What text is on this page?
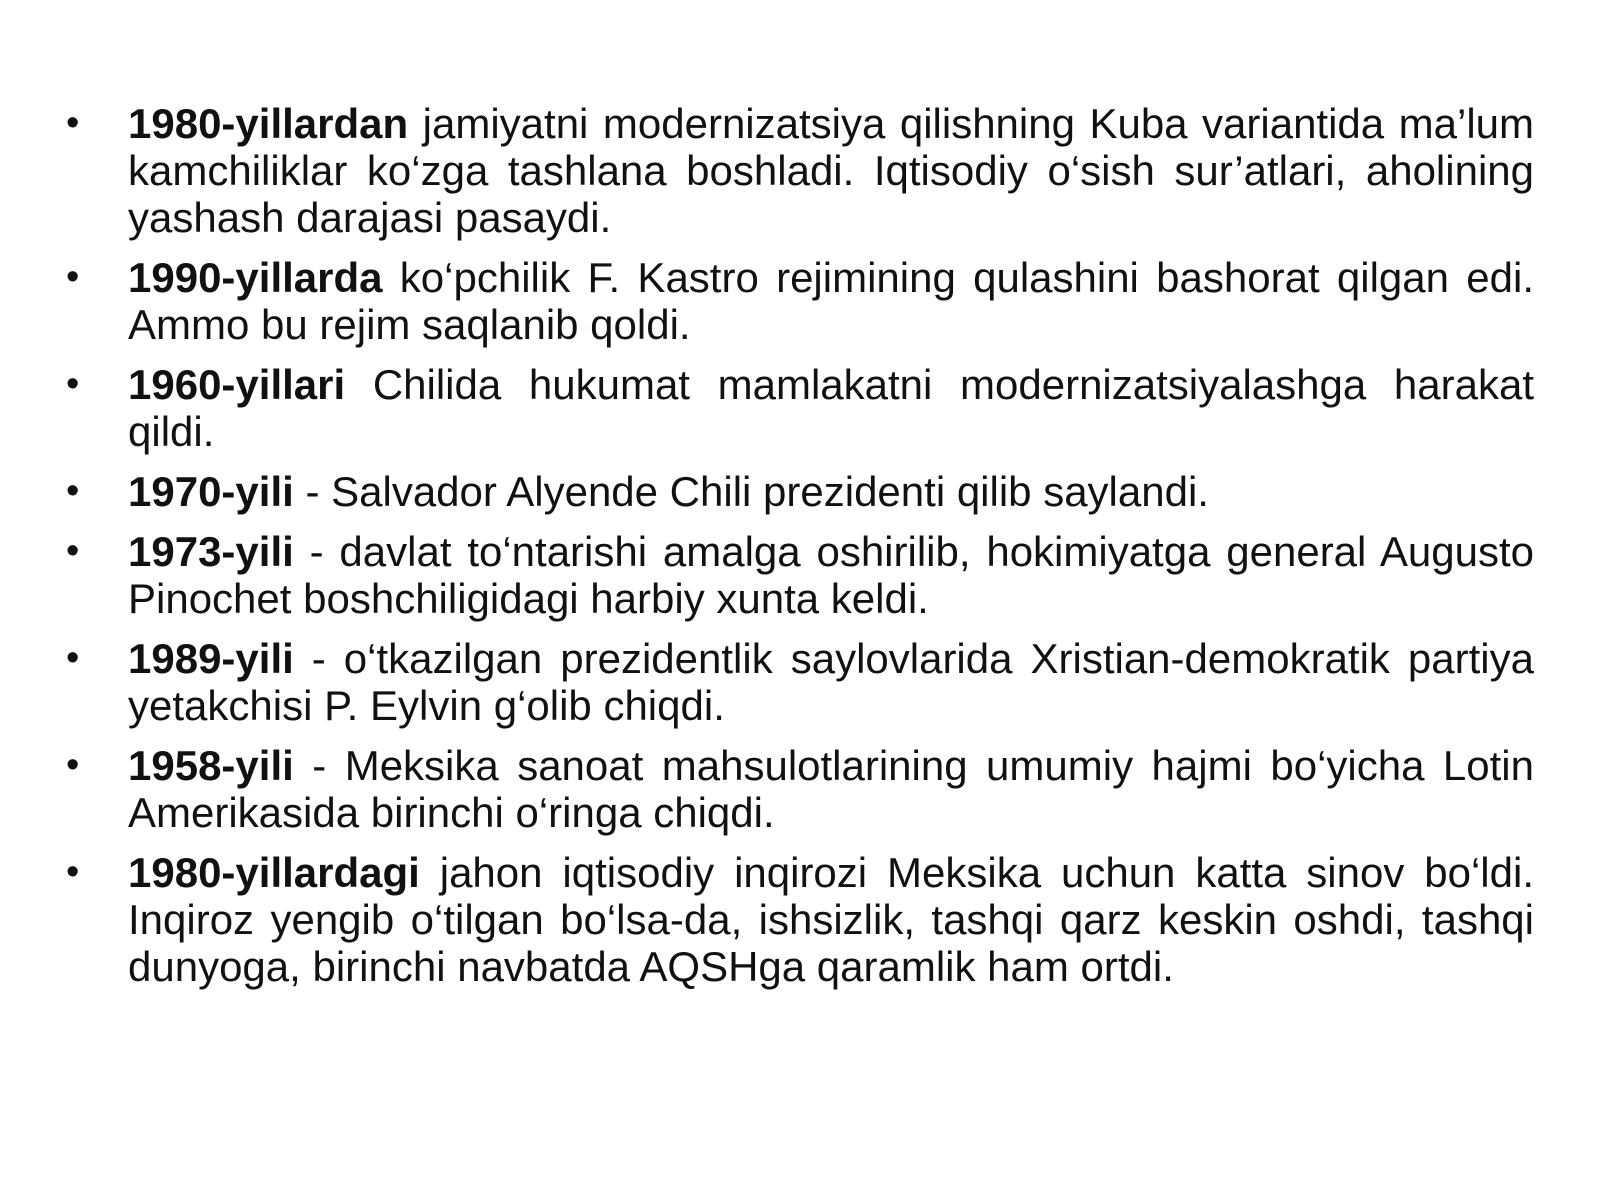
•	1980-yillardan jamiyatni modernizatsiya qilishning Kuba variantida ma’lum kamchiliklar ko‘zga tashlana boshladi. Iqtisodiy o‘sish sur’atlari, aholining yashash darajasi pasaydi.
•	1990-yillarda ko‘pchilik F. Kastro rejimining qulashini bashorat qilgan edi. Ammo bu rejim saqlanib qoldi.
•	1960-yillari Chilida hukumat mamlakatni modernizatsiyalashga harakat qildi.
•	1970-yili - Salvador Alyende Chili prezidenti qilib saylandi.
•	1973-yili - davlat to‘ntarishi amalga oshirilib, hokimiyatga general Augusto Pinochet boshchiligidagi harbiy xunta keldi.
•	1989-yili - o‘tkazilgan prezidentlik saylovlarida Xristian-demokratik partiya yetakchisi P. Eylvin g‘olib chiqdi.
•	1958-yili - Meksika sanoat mahsulotlarining umumiy hajmi bo‘yicha Lotin Amerikasida birinchi o‘ringa chiqdi.
•	1980-yillardagi jahon iqtisodiy inqirozi Meksika uchun katta sinov bo‘ldi. Inqiroz yengib o‘tilgan bo‘lsa-da, ishsizlik, tashqi qarz keskin oshdi, tashqi dunyoga, birinchi navbatda AQSHga qaramlik ham ortdi.
